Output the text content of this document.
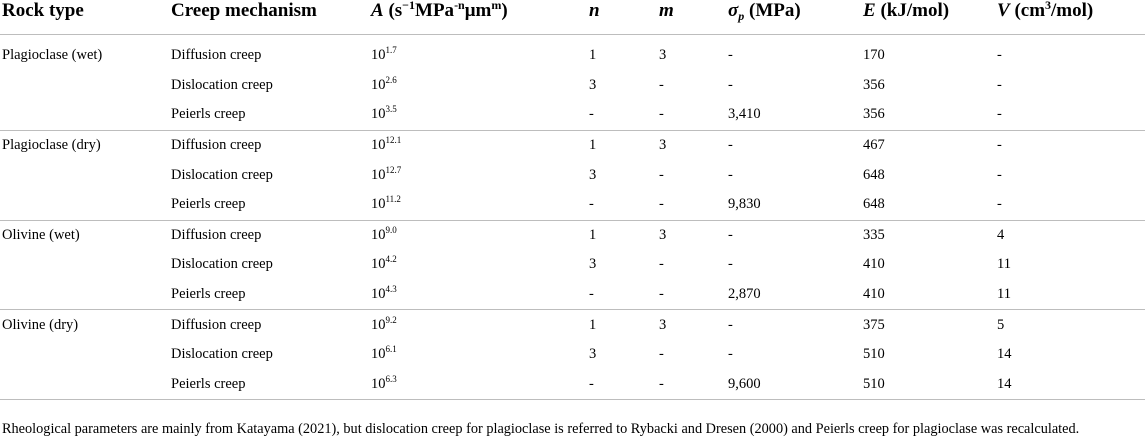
Rock type	Creep mechanism	A $(s^{-1}MPa^{-n}\mu m^m)$	n	m	$\sigma_p$ (MPa)	E (kJ/mol)	V $(cm^3/mol)$
Plagioclase (wet)	Diffusion creep	$10^{1.7}$	1	3	-	170	-
	Dislocation creep	$10^{2.6}$	3	-	-	356	-
	Peierls creep	$10^{3.5}$	-	-	3,410	356	-
Plagioclase (dry)	Diffusion creep	$10^{12.1}$	1	3	-	467	-
	Dislocation creep	$10^{12.7}$	3	-	-	648	-
	Peierls creep	$10^{11.2}$	-	-	9,830	648	-
Olivine (wet)	Diffusion creep	$10^{9.0}$	1	3	-	335	4
	Dislocation creep	$10^{4.2}$	3	-	-	410	11
	Peierls creep	$10^{4.3}$	-	-	2,870	410	11
Olivine (dry)	Diffusion creep	$10^{9.2}$	1	3	-	375	5
	Dislocation creep	$10^{6.1}$	3	-	-	510	14
	Peierls creep	$10^{6.3}$	-	-	9,600	510	14
Rheological parameters are mainly from Katayama (2021), but dislocation creep for plagioclase is referred to Rybacki and Dresen (2000) and Peierls creep for plagioclase was recalculated.
